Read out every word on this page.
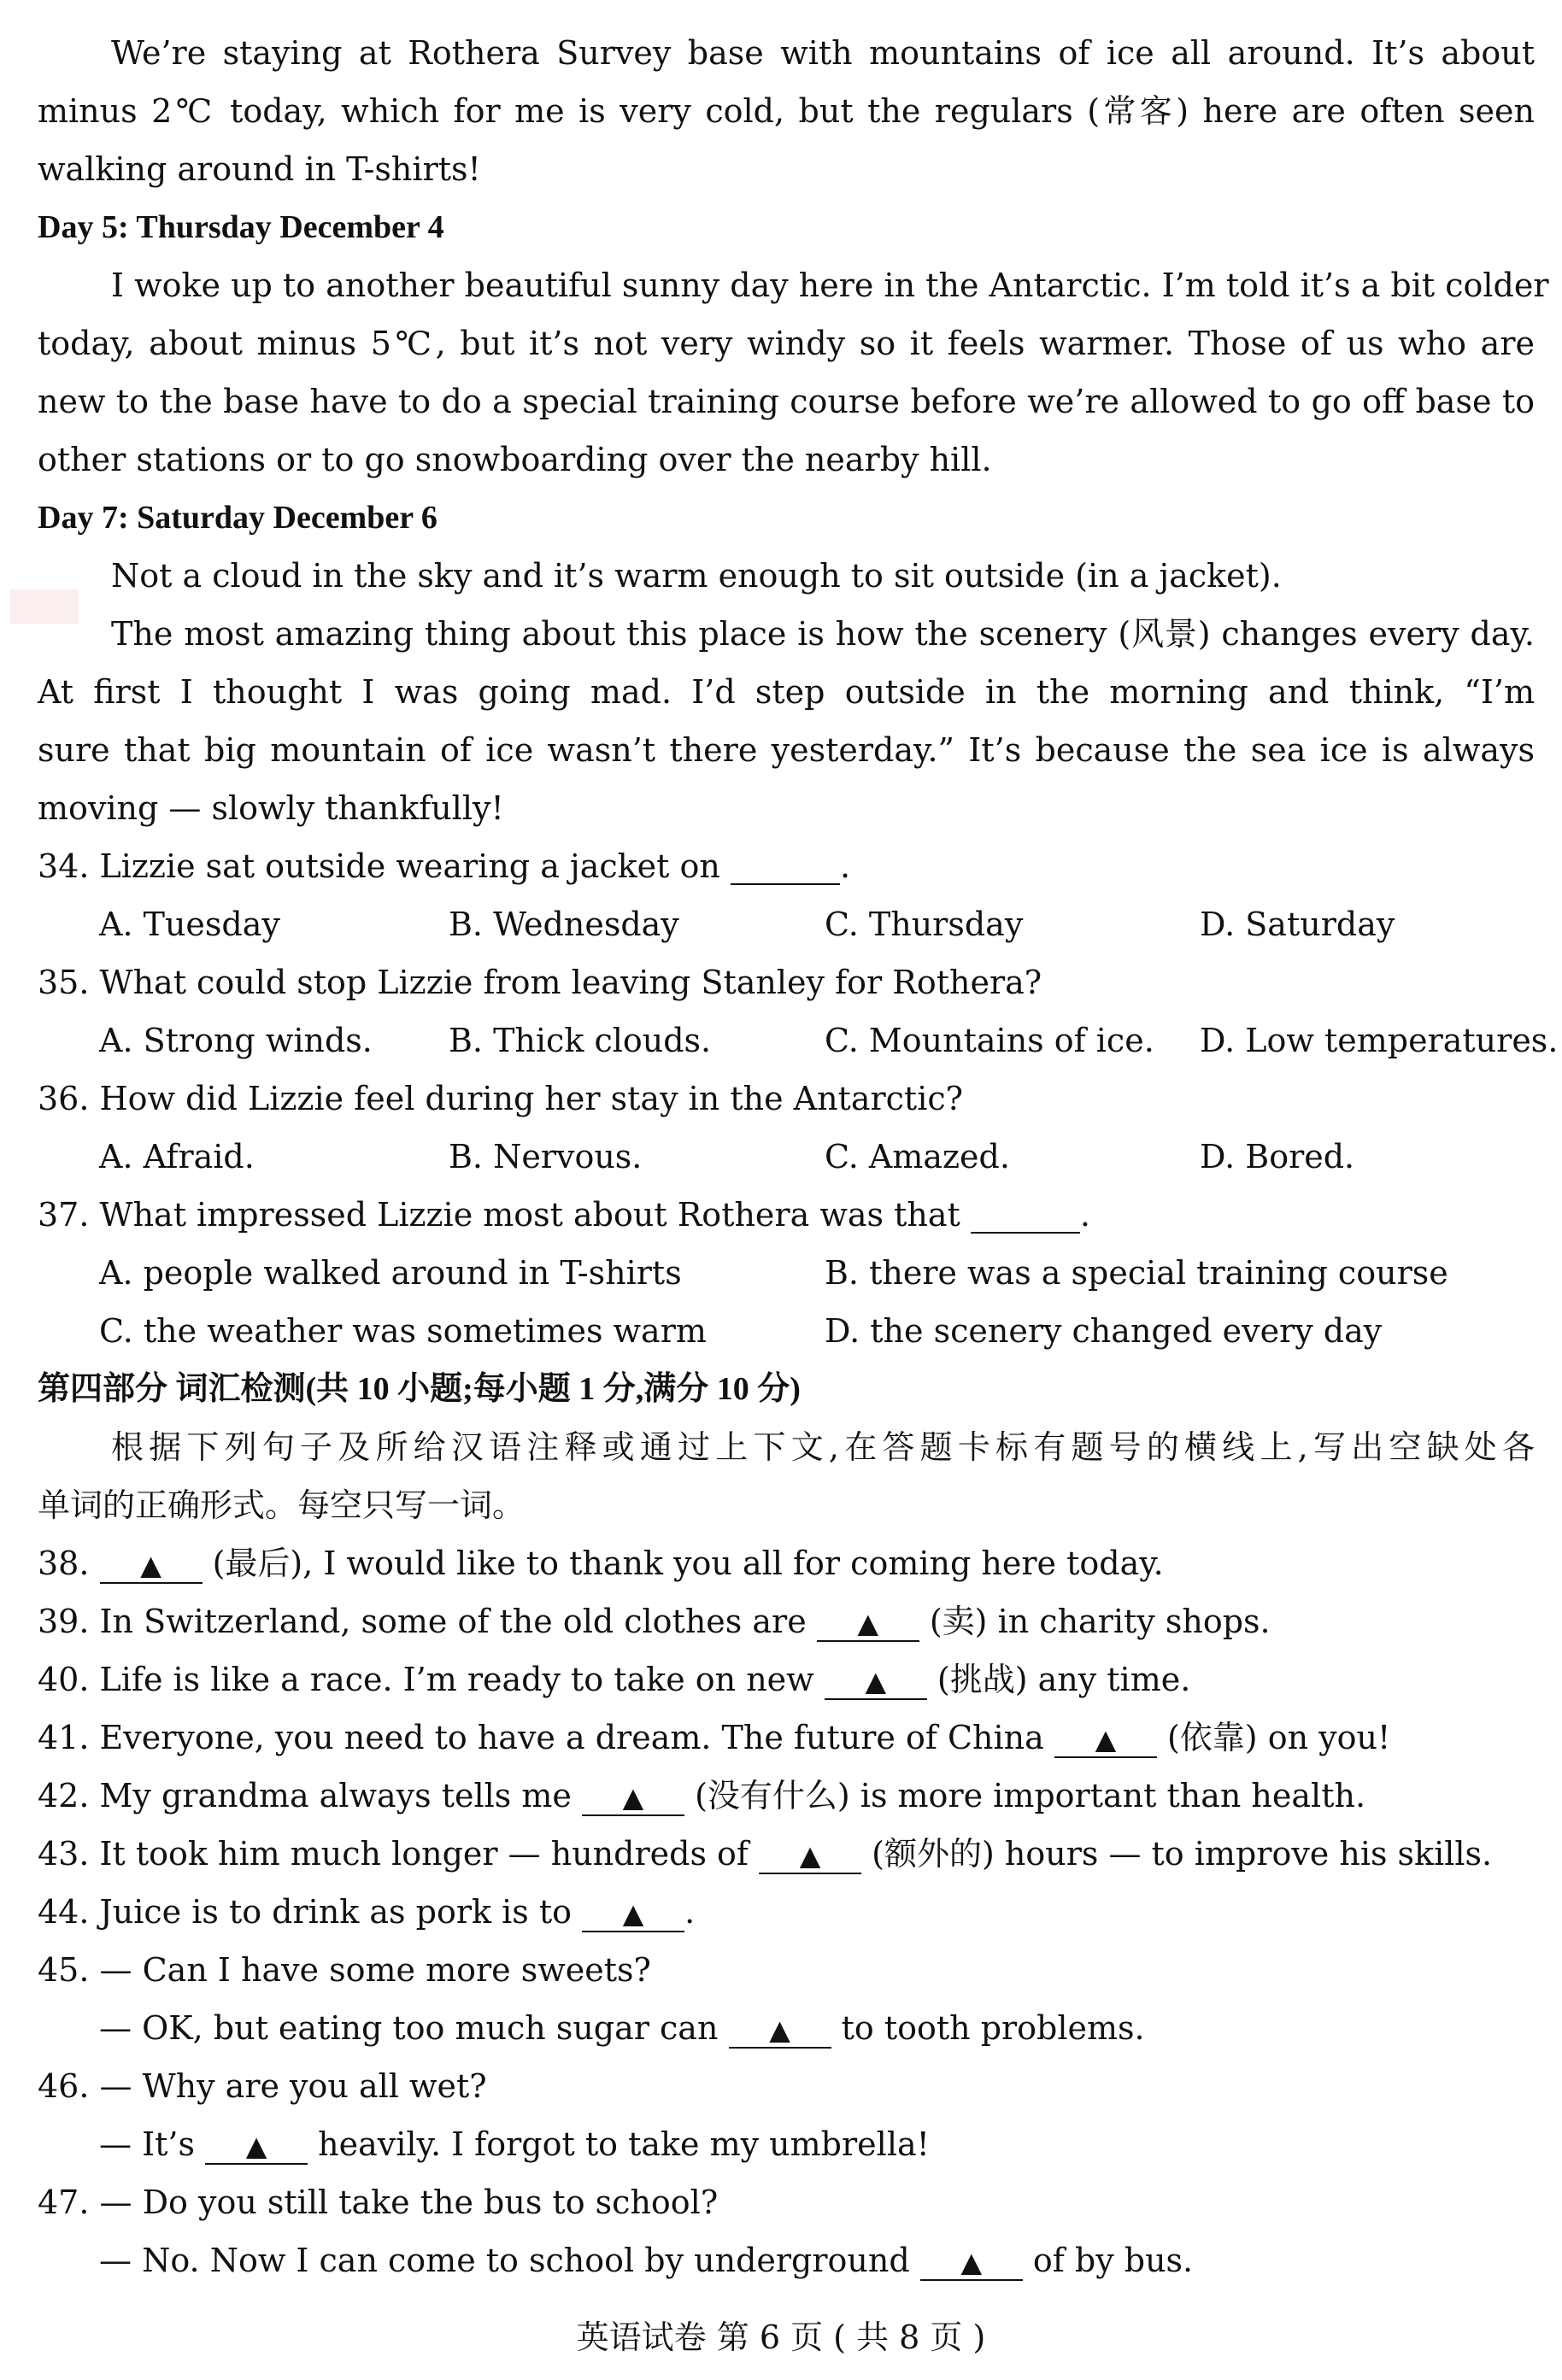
We’re staying at Rothera Survey base with mountains of ice all around. It’s about
minus 2℃ today, which for me is very cold, but the regulars (常客) here are often seen
walking around in T-shirts!
Day 5: Thursday December 4
I woke up to another beautiful sunny day here in the Antarctic. I’m told it’s a bit colder
today, about minus 5℃, but it’s not very windy so it feels warmer. Those of us who are
new to the base have to do a special training course before we’re allowed to go off base to
other stations or to go snowboarding over the nearby hill.
Day 7: Saturday December 6
Not a cloud in the sky and it’s warm enough to sit outside (in a jacket).
The most amazing thing about this place is how the scenery (风景) changes every day.
At first I thought I was going mad. I’d step outside in the morning and think, “I’m
sure that big mountain of ice wasn’t there yesterday.” It’s because the sea ice is always
moving — slowly thankfully!
34. Lizzie sat outside wearing a jacket on	.
A. Tuesday	B. Wednesday	C. Thursday	D. Saturday
35. What could stop Lizzie from leaving Stanley for Rothera?
A. Strong winds. B. Thick clouds.	C. Mountains of ice. D. Low temperatures.
36. How did Lizzie feel during her stay in the Antarctic?
A. Afraid.	B. Nervous.	C. Amazed.	D. Bored.
37. What impressed Lizzie most about Rothera was that	.
A. people walked around in T-shirts	B. there was a special training course
C. the weather was sometimes warm	D. the scenery changed every day
第四部分 词汇检测(共 10 小题;每小题 1 分,满分 10 分)
根据下列句子及所给汉语注释或通过上下文,在答题卡标有题号的横线上,写出空缺处各
单词的正确形式。每空只写一词。
38. ▲ (最后), I would like to thank you all for coming here today.
39. In Switzerland, some of the old clothes are ▲ (卖) in charity shops.
40. Life is like a race. I’m ready to take on new ▲ (挑战) any time.
41. Everyone, you need to have a dream. The future of China ▲ (依靠) on you!
42. My grandma always tells me ▲ (没有什么) is more important than health.
43. It took him much longer — hundreds of ▲ (额外的) hours — to improve his skills.
44. Juice is to drink as pork is to ▲ .
45. — Can I have some more sweets?
— OK, but eating too much sugar can ▲ to tooth problems.
46. — Why are you all wet?
— It’s ▲ heavily. I forgot to take my umbrella!
47. — Do you still take the bus to school?
— No. Now I can come to school by underground ▲ of by bus.
英语试卷 第 6 页 ( 共 8 页 )
